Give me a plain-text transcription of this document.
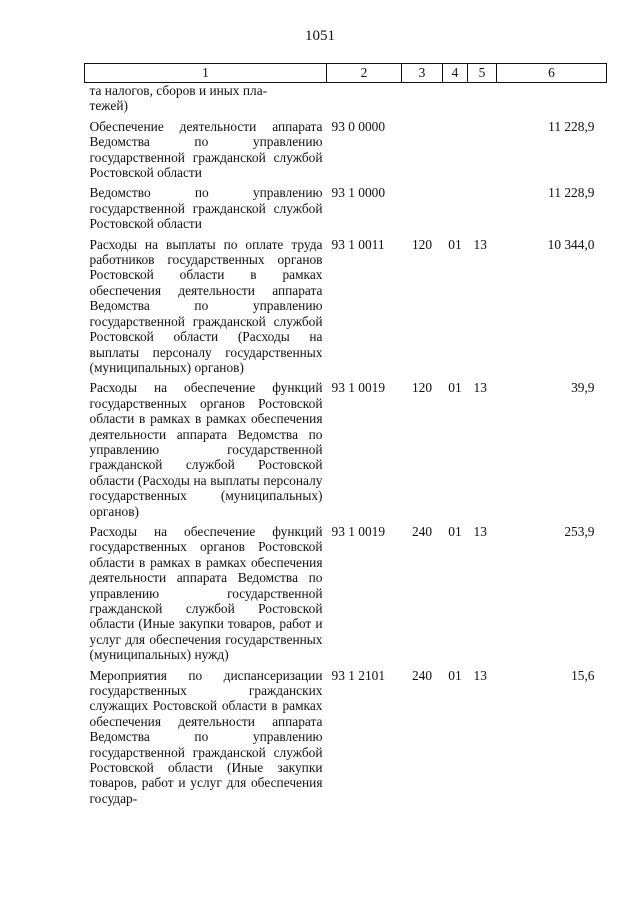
1051
1	2	3	4	5	6

та налогов, сборов и иных пла-
тежей)					

Обеспечение деятельности аппарата Ведомства по управлению государственной гражданской службой Ростовской области	93 0 0000				11 228,9

Ведомство по управлению государственной гражданской службой Ростовской области	93 1 0000				11 228,9

Расходы на выплаты по оплате труда работников государственных органов Ростовской области в рамках обеспечения деятельности аппарата Ведомства по управлению государственной гражданской службой Ростовской области (Расходы на выплаты персоналу государственных (муниципальных) органов)	93 1 0011	120	01	13	10 344,0

Расходы на обеспечение функций государственных органов Ростовской области в рамках в рамках обеспечения деятельности аппарата Ведомства по управлению государственной гражданской службой Ростовской области (Расходы на выплаты персоналу государственных (муниципальных) органов)	93 1 0019	120	01	13	39,9

Расходы на обеспечение функций государственных органов Ростовской области в рамках в рамках обеспечения деятельности аппарата Ведомства по управлению государственной гражданской службой Ростовской области (Иные закупки товаров, работ и услуг для обеспечения государственных (муниципальных) нужд)	93 1 0019	240	01	13	253,9

Мероприятия по диспансеризации государственных гражданских служащих Ростовской области в рамках обеспечения деятельности аппарата Ведомства по управлению государственной гражданской службой Ростовской области (Иные закупки товаров, работ и услуг для обеспечения государ-	93 1 2101	240	01	13	15,6
